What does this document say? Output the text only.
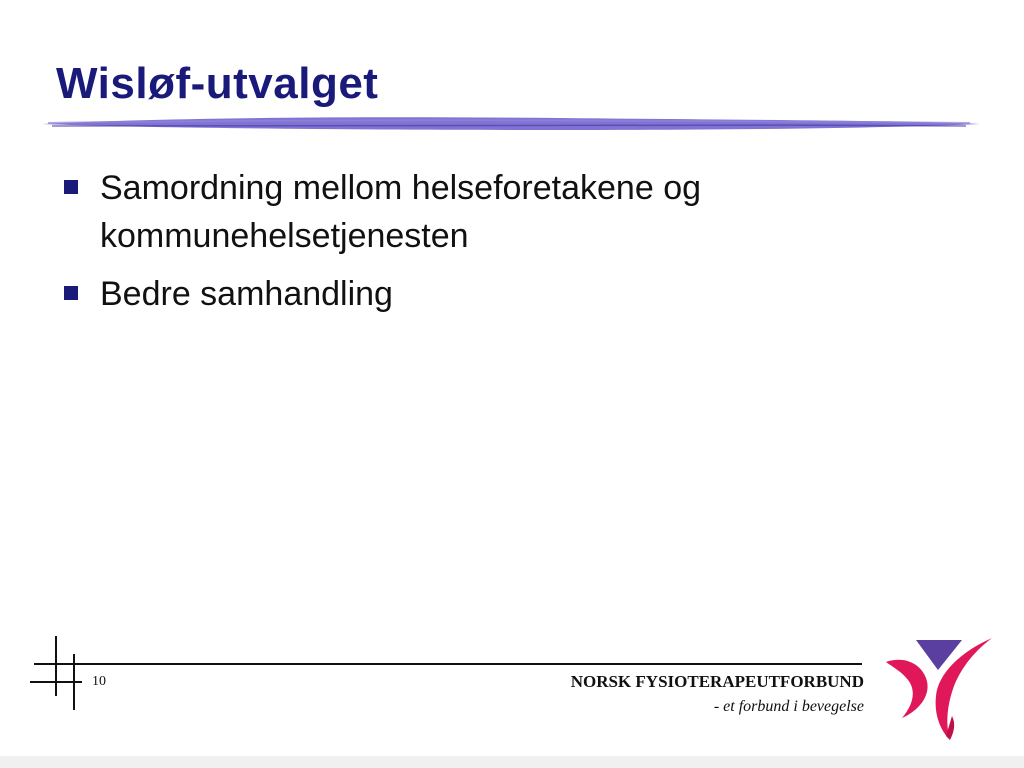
Wisløf-utvalget
Samordning mellom helseforetakene og kommunehelsetjenesten
Bedre samhandling
10	NORSK FYSIOTERAPEUTFORBUND
- et forbund i bevegelse
